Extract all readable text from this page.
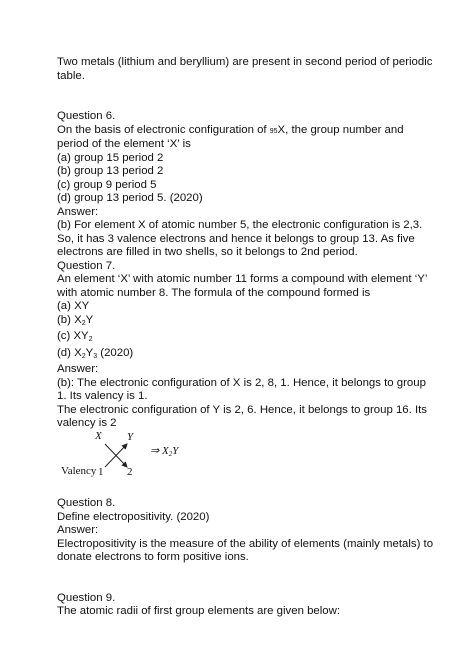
Two metals (lithium and beryllium) are present in second period of periodic
table.
Question 6.
On the basis of electronic configuration of 95X, the group number and
period of the element ‘X’ is
(a) group 15 period 2
(b) group 13 period 2
(c) group 9 period 5
(d) group 13 period 5. (2020)
Answer:
(b) For element X of atomic number 5, the electronic configuration is 2,3.
So, it has 3 valence electrons and hence it belongs to group 13. As five
electrons are filled in two shells, so it belongs to 2nd period.
Question 7.
An element ‘X’ with atomic number 11 forms a compound with element ‘Y’
with atomic number 8. The formula of the compound formed is
(a) XY
(b) $X_2Y$
(c) $XY_2$
(d) $X_2Y_3$ (2020)
Answer:
(b): The electronic configuration of X is 2, 8, 1. Hence, it belongs to group
1. Its valency is 1.
The electronic configuration of Y is 2, 6. Hence, it belongs to group 16. Its
valency is 2
X Y
Valency 1 2
⇒ $X_2Y$
Question 8.
Define electropositivity. (2020)
Answer:
Electropositivity is the measure of the ability of elements (mainly metals) to
donate electrons to form positive ions.
Question 9.
The atomic radii of first group elements are given below:
